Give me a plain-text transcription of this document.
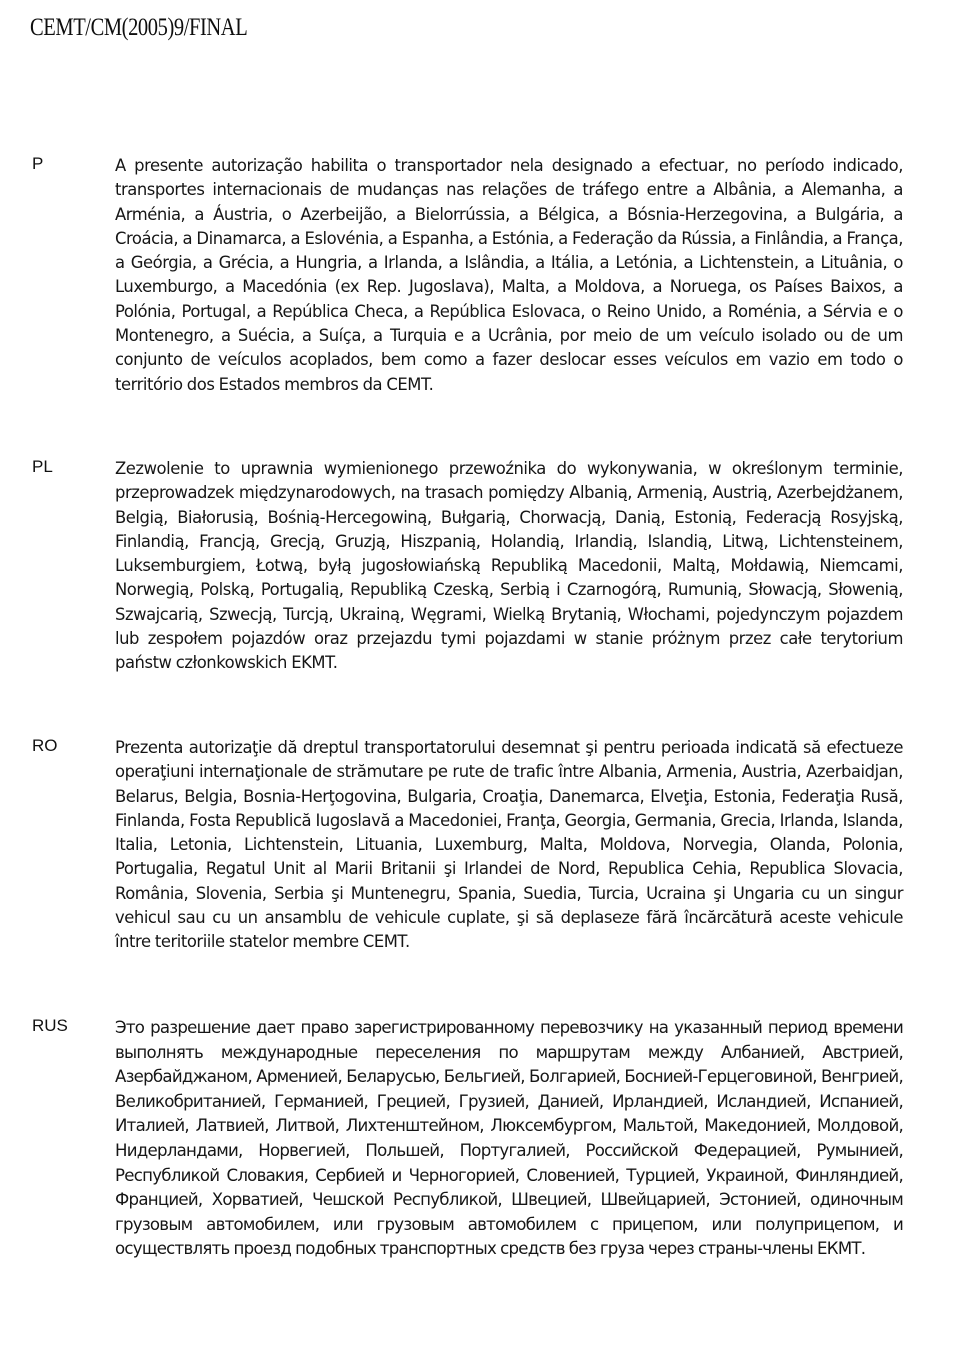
CEMT/CM(2005)9/FINAL
P	A presente autorização habilita o transportador nela designado a efectuar, no período indicado, transportes internacionais de mudanças nas relações de tráfego entre a Albânia, a Alemanha, a Arménia, a Áustria, o Azerbeijão, a Bielorrússia, a Bélgica, a Bósnia-Herzegovina, a Bulgária, a Croácia, a Dinamarca, a Eslovénia, a Espanha, a Estónia, a Federação da Rússia, a Finlândia, a França, a Geórgia, a Grécia, a Hungria, a Irlanda, a Islândia, a Itália, a Letónia, a Lichtenstein, a Lituânia, o Luxemburgo, a Macedónia (ex Rep. Jugoslava), Malta, a Moldova, a Noruega, os Países Baixos, a Polónia, Portugal, a República Checa, a República Eslovaca, o Reino Unido, a Roménia, a Sérvia e o Montenegro, a Suécia, a Suíça, a Turquia e a Ucrânia, por meio de um veículo isolado ou de um conjunto de veículos acoplados, bem como a fazer deslocar esses veículos em vazio em todo o território dos Estados membros da CEMT.

PL	Zezwolenie to uprawnia wymienionego przewoźnika do wykonywania, w określonym terminie, przeprowadzek międzynarodowych, na trasach pomiędzy Albanią, Armenią, Austrią, Azerbejdżanem, Belgią, Białorusią, Bośnią-Hercegowiną, Bułgarią, Chorwacją, Danią, Estonią, Federacją Rosyjską, Finlandią, Francją, Grecją, Gruzją, Hiszpanią, Holandią, Irlandią, Islandią, Litwą, Lichtensteinem, Luksemburgiem, Łotwą, byłą jugosłowiańską Republiką Macedonii, Maltą, Mołdawią, Niemcami, Norwegią, Polską, Portugalią, Republiką Czeską, Serbią i Czarnogórą, Rumunią, Słowacją, Słowenią, Szwajcarią, Szwecją, Turcją, Ukrainą, Węgrami, Wielką Brytanią, Włochami, pojedynczym pojazdem lub zespołem pojazdów oraz przejazdu tymi pojazdami w stanie próżnym przez całe terytorium państw członkowskich EKMT.

RO	Prezenta autorizaţie dă dreptul transportatorului desemnat şi pentru perioada indicată să efectueze operaţiuni internaţionale de strămutare pe rute de trafic între Albania, Armenia, Austria, Azerbaidjan, Belarus, Belgia, Bosnia-Herţogovina, Bulgaria, Croaţia, Danemarca, Elveţia, Estonia, Federaţia Rusă, Finlanda, Fosta Republică Iugoslavă a Macedoniei, Franţa, Georgia, Germania, Grecia, Irlanda, Islanda, Italia, Letonia, Lichtenstein, Lituania, Luxemburg, Malta, Moldova, Norvegia, Olanda, Polonia, Portugalia, Regatul Unit al Marii Britanii şi Irlandei de Nord, Republica Cehia, Republica Slovacia, România, Slovenia, Serbia şi Muntenegru, Spania, Suedia, Turcia, Ucraina şi Ungaria cu un singur vehicul sau cu un ansamblu de vehicule cuplate, şi să deplaseze fără încărcătură aceste vehicule între teritoriile statelor membre CEMT.

RUS	Это разрешение дает право зарегистрированному перевозчику на указанный период времени выполнять международные переселения по маршрутам между Албанией, Австрией, Азербайджаном, Арменией, Беларусью, Бельгией, Болгарией, Боснией-Герцеговиной, Венгрией, Великобританией, Германией, Грецией, Грузией, Данией, Ирландией, Исландией, Испанией, Италией, Латвией, Литвой, Лихтенштейном, Люксембургом, Мальтой, Македонией, Молдовой, Нидерландами, Норвегией, Польшей, Португалией, Российской Федерацией, Румынией, Республикой Словакия, Сербией и Черногорией, Словенией, Турцией, Украиной, Финляндией, Францией, Хорватией, Чешской Республикой, Швецией, Швейцарией, Эстонией, одиночным грузовым автомобилем, или грузовым автомобилем с прицепом, или полуприцепом, и осуществлять проезд подобных транспортных средств без груза через страны-члены ЕКМТ.
